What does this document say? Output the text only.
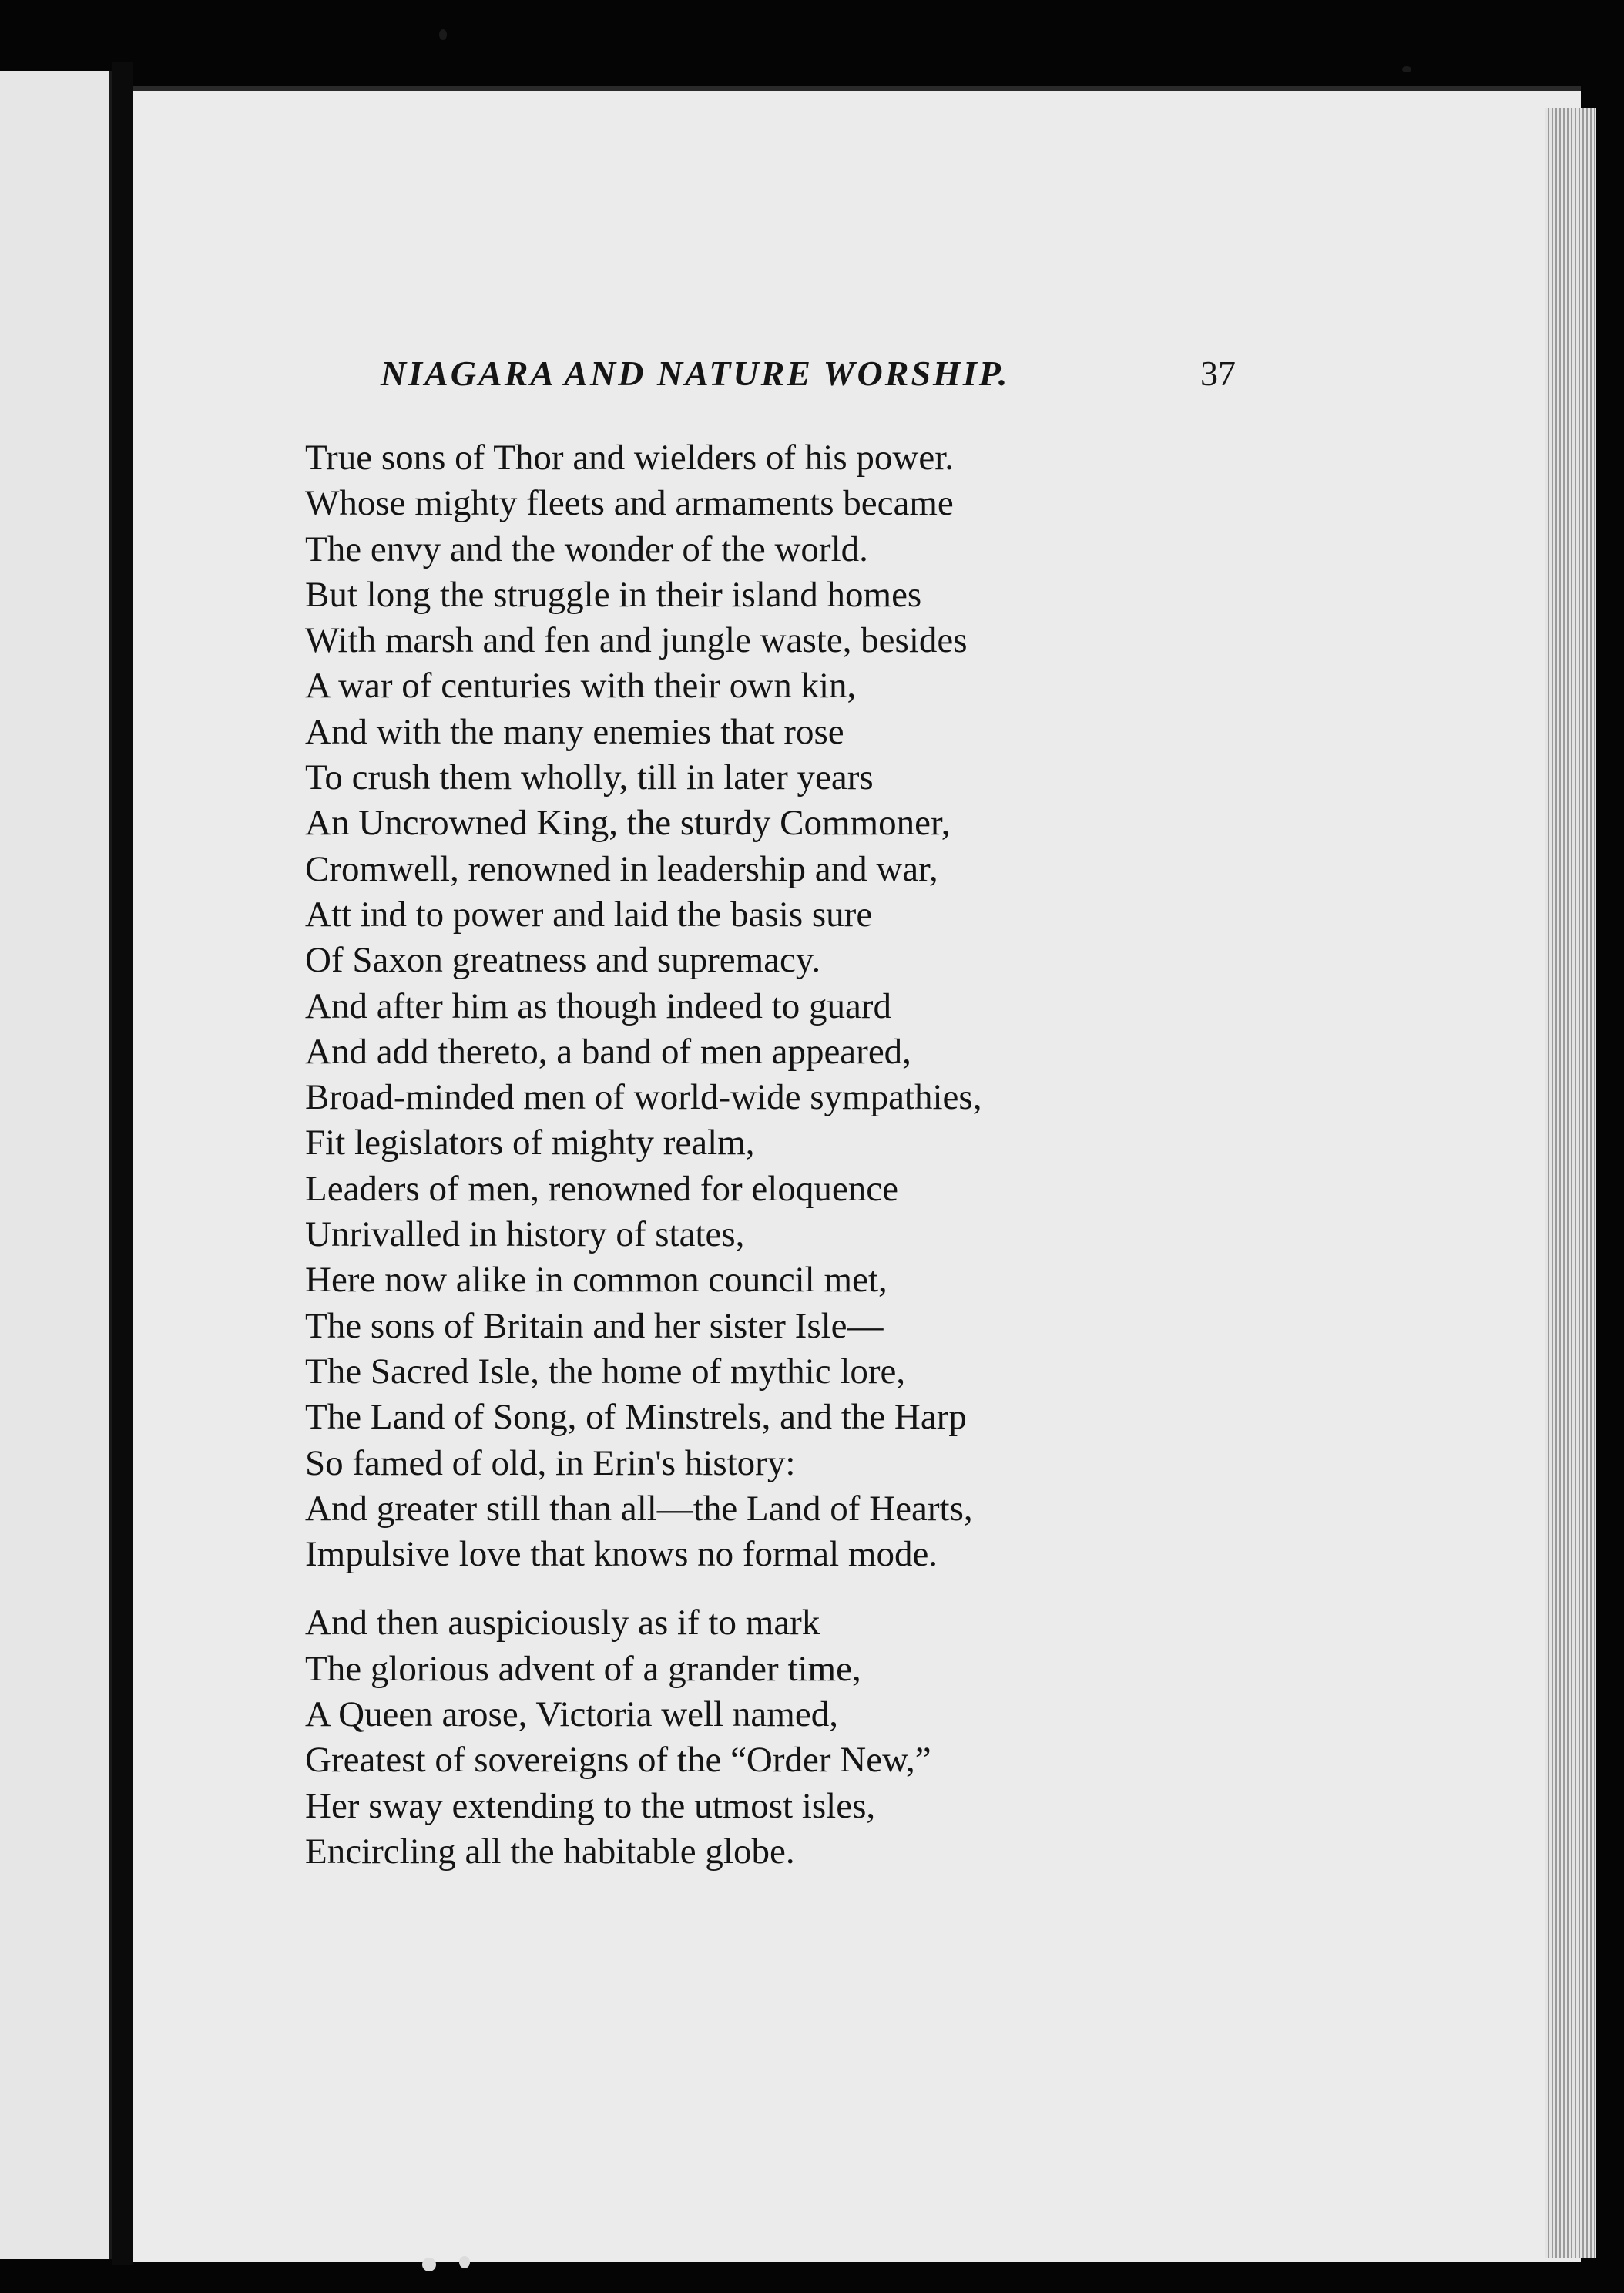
NIAGARA AND NATURE WORSHIP.	37
True sons of Thor and wielders of his power.
Whose mighty fleets and armaments became
The envy and the wonder of the world.
But long the struggle in their island homes
With marsh and fen and jungle waste, besides
A war of centuries with their own kin,
And with the many enemies that rose
To crush them wholly, till in later years
An Uncrowned King, the sturdy Commoner,
Cromwell, renowned in leadership and war,
Att ind to power and laid the basis sure
Of Saxon greatness and supremacy.
And after him as though indeed to guard
And add thereto, a band of men appeared,
Broad-minded men of world-wide sympathies,
Fit legislators of mighty realm,
Leaders of men, renowned for eloquence
Unrivalled in history of states,
Here now alike in common council met,
The sons of Britain and her sister Isle—
The Sacred Isle, the home of mythic lore,
The Land of Song, of Minstrels, and the Harp
So famed of old, in Erin's history:
And greater still than all—the Land of Hearts,
Impulsive love that knows no formal mode.
And then auspiciously as if to mark
The glorious advent of a grander time,
A Queen arose, Victoria well named,
Greatest of sovereigns of the “Order New,”
Her sway extending to the utmost isles,
Encircling all the habitable globe.
